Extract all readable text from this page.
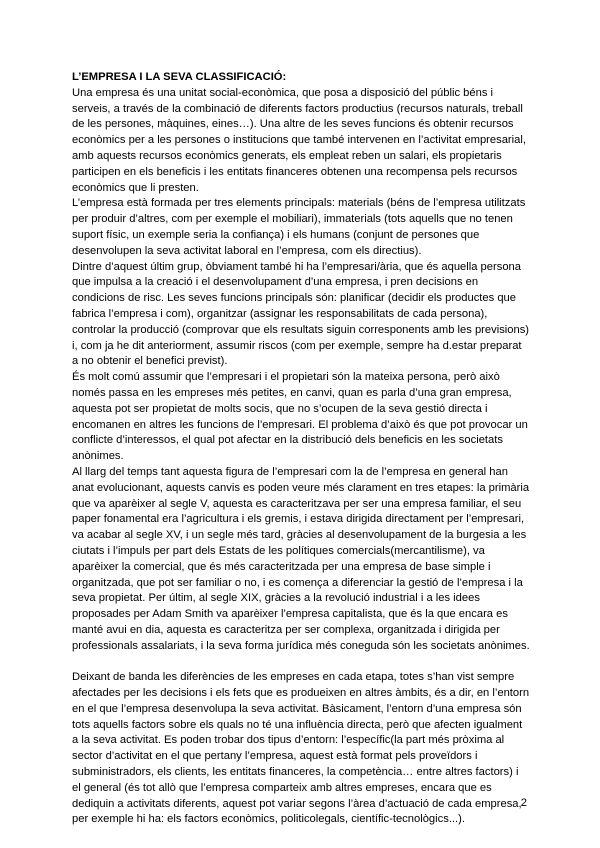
L’EMPRESA I LA SEVA CLASSIFICACIÓ:

Una empresa és una unitat social-econòmica, que posa a disposició del públic béns i serveis, a través de la combinació de diferents factors productius (recursos naturals, treball de les persones, màquines, eines…). Una altre de les seves funcions és obtenir recursos econòmics per a les persones o institucions que també intervenen en l’activitat empresarial, amb aquests recursos econòmics generats, els empleat reben un salari, els propietaris participen en els beneficis i les entitats financeres obtenen una recompensa pels recursos econòmics que li presten.

L’empresa està formada per tres elements principals: materials (béns de l’empresa utilitzats per produir d’altres, com per exemple el mobiliari), immaterials (tots aquells que no tenen suport físic, un exemple seria la confiança) i els humans (conjunt de persones que desenvolupen la seva activitat laboral en l’empresa, com els directius).

Dintre d’aquest últim grup, òbviament també hi ha l’empresari/ària, que és aquella persona que impulsa a la creació i el desenvolupament d’una empresa, i pren decisions en condicions de risc. Les seves funcions principals són: planificar (decidir els productes que fabrica l’empresa i com), organitzar (assignar les responsabilitats de cada persona), controlar la producció (comprovar que els resultats siguin corresponents amb les previsions) i, com ja he dit anteriorment, assumir riscos (com per exemple, sempre ha d.estar preparat a no obtenir el benefici previst).

És molt comú assumir que l’empresari i el propietari són la mateixa persona, però això només passa en les empreses més petites, en canvi, quan es parla d’una gran empresa, aquesta pot ser propietat de molts socis, que no s’ocupen de la seva gestió directa i encomanen en altres les funcions de l’empresari. El problema d’això és que pot provocar un conflicte d’interessos, el qual pot afectar en la distribució dels beneficis en les societats anònimes.

Al llarg del temps tant aquesta figura de l’empresari com la de l’empresa en general han anat evolucionant, aquests canvis es poden veure més clarament en tres etapes: la primària que va aparèixer al segle V, aquesta es caracteritzava per ser una empresa familiar, el seu paper fonamental era l’agricultura i els gremis, i estava dirigida directament per l’empresari, va acabar al segle XV, i un segle més tard, gràcies al desenvolupament de la burgesia a les ciutats i l’impuls per part dels Estats de les polítiques comercials(mercantilisme), va aparèixer la comercial, que és més caracteritzada per una empresa de base simple i organitzada, que pot ser familiar o no, i es comença a diferenciar la gestió de l’empresa i la seva propietat. Per últim, al segle XIX, gràcies a la revolució industrial i a les idees proposades per Adam Smith va aparèixer l’empresa capitalista, que és la que encara es manté avui en dia, aquesta es caracteritza per ser complexa, organitzada i dirigida per professionals assalariats, i la seva forma jurídica més coneguda són les societats anònimes.

Deixant de banda les diferències de les empreses en cada etapa, totes s’han vist sempre afectades per les decisions i els fets que es produeixen en altres àmbits, és a dir, en l’entorn en el que l’empresa desenvolupa la seva activitat. Bàsicament, l’entorn d’una empresa són tots aquells factors sobre els quals no té una influència directa, però que afecten igualment a la seva activitat. Es poden trobar dos tipus d’entorn: l’específic(la part més pròxima al sector d’activitat en el que pertany l’empresa, aquest està format pels proveïdors i subministradors, els clients, les entitats financeres, la competència… entre altres factors) i el general (és tot allò que l’empresa comparteix amb altres empreses, encara que es dediquin a activitats diferents, aquest pot variar segons l’àrea d’actuació de cada empresa, per exemple hi ha: els factors econòmics, politicolegals, científic-tecnològics...).

2
